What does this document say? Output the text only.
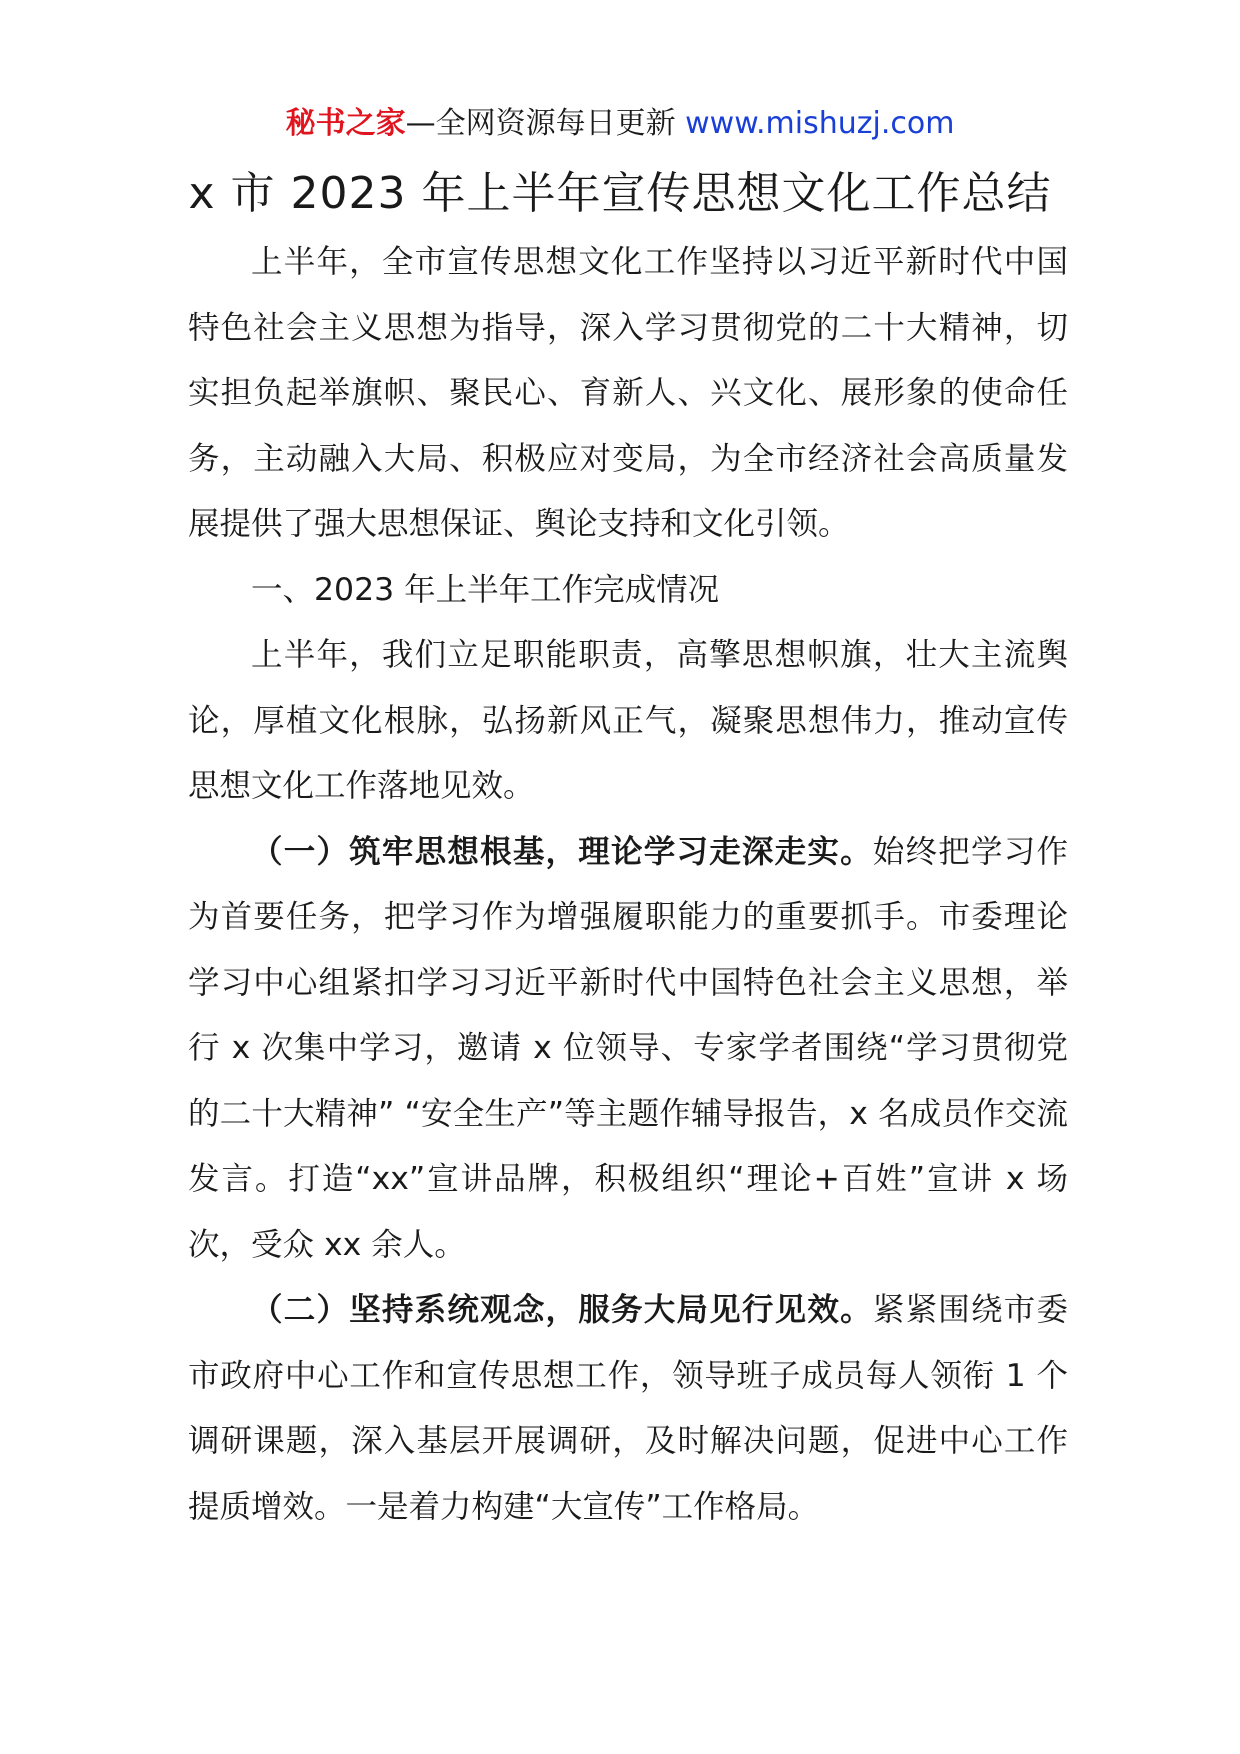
秘书之家—全网资源每日更新 www.mishuzj.com
x 市 2023 年上半年宣传思想文化工作总结

上半年，全市宣传思想文化工作坚持以习近平新时代中国特色社会主义思想为指导，深入学习贯彻党的二十大精神，切实担负起举旗帜、聚民心、育新人、兴文化、展形象的使命任务，主动融入大局、积极应对变局，为全市经济社会高质量发展提供了强大思想保证、舆论支持和文化引领。

一、2023 年上半年工作完成情况

上半年，我们立足职能职责，高擎思想帜旗，壮大主流舆论，厚植文化根脉，弘扬新风正气，凝聚思想伟力，推动宣传思想文化工作落地见效。

（一）筑牢思想根基，理论学习走深走实。始终把学习作为首要任务，把学习作为增强履职能力的重要抓手。市委理论学习中心组紧扣学习习近平新时代中国特色社会主义思想，举行 x 次集中学习，邀请 x 位领导、专家学者围绕“学习贯彻党的二十大精神” “安全生产”等主题作辅导报告，x 名成员作交流发言。打造“xx”宣讲品牌，积极组织“理论+百姓”宣讲 x 场次，受众 xx 余人。

（二）坚持系统观念，服务大局见行见效。紧紧围绕市委市政府中心工作和宣传思想工作，领导班子成员每人领衔 1 个调研课题，深入基层开展调研，及时解决问题，促进中心工作提质增效。一是着力构建“大宣传”工作格局。
